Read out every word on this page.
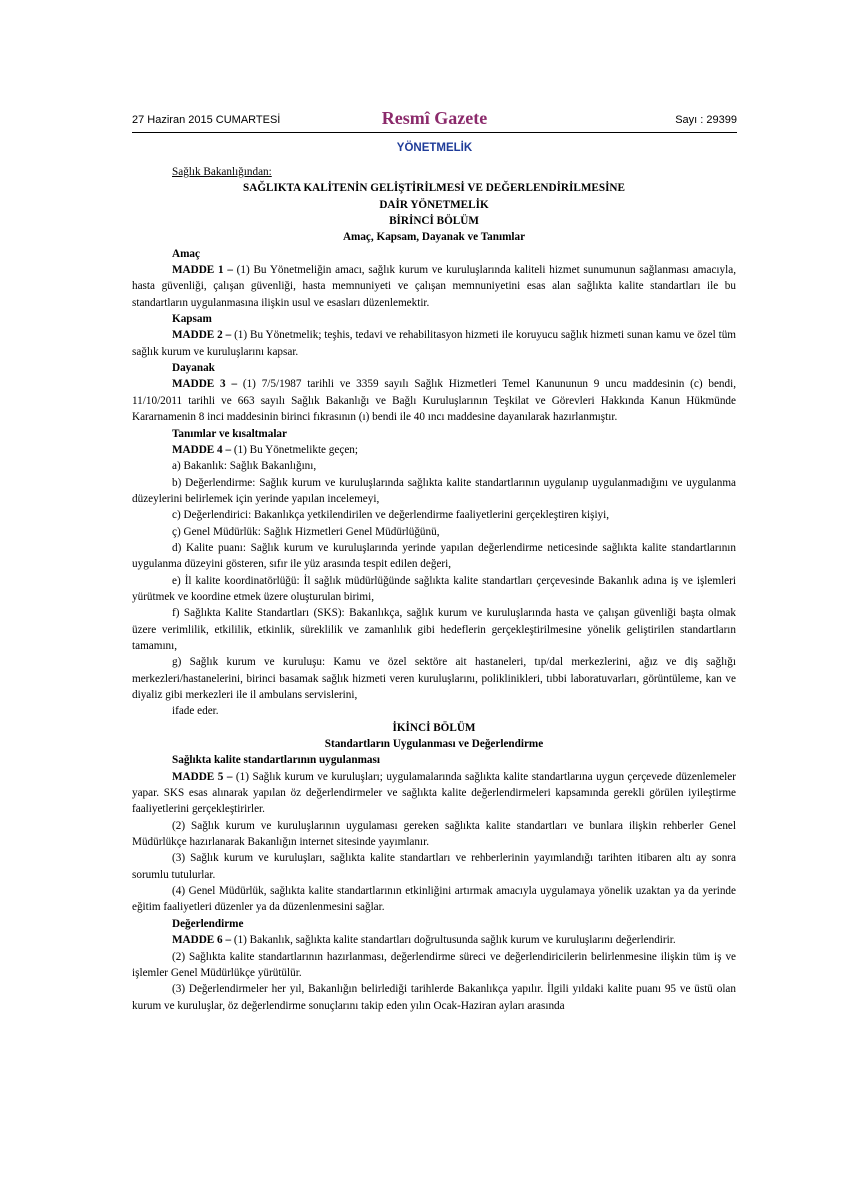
27 Haziran 2015 CUMARTESİ	Resmî Gazete	Sayı : 29399
YÖNETMELİK

Sağlık Bakanlığından:

SAĞLIKTA KALİTENİN GELİŞTİRİLMESİ VE DEĞERLENDİRİLMESİNE

DAİR YÖNETMELİK

BİRİNCİ BÖLÜM

Amaç, Kapsam, Dayanak ve Tanımlar

Amaç

MADDE 1 – (1) Bu Yönetmeliğin amacı, sağlık kurum ve kuruluşlarında kaliteli hizmet sunumunun sağlanması amacıyla, hasta güvenliği, çalışan güvenliği, hasta memnuniyeti ve çalışan memnuniyetini esas alan sağlıkta kalite standartları ile bu standartların uygulanmasına ilişkin usul ve esasları düzenlemektir.

Kapsam

MADDE 2 – (1) Bu Yönetmelik; teşhis, tedavi ve rehabilitasyon hizmeti ile koruyucu sağlık hizmeti sunan kamu ve özel tüm sağlık kurum ve kuruluşlarını kapsar.

Dayanak

MADDE 3 – (1) 7/5/1987 tarihli ve 3359 sayılı Sağlık Hizmetleri Temel Kanununun 9 uncu maddesinin (c) bendi, 11/10/2011 tarihli ve 663 sayılı Sağlık Bakanlığı ve Bağlı Kuruluşlarının Teşkilat ve Görevleri Hakkında Kanun Hükmünde Kararnamenin 8 inci maddesinin birinci fıkrasının (ı) bendi ile 40 ıncı maddesine dayanılarak hazırlanmıştır.

Tanımlar ve kısaltmalar

MADDE 4 – (1) Bu Yönetmelikte geçen;

a) Bakanlık: Sağlık Bakanlığını,

b) Değerlendirme: Sağlık kurum ve kuruluşlarında sağlıkta kalite standartlarının uygulanıp uygulanmadığını ve uygulanma düzeylerini belirlemek için yerinde yapılan incelemeyi,

c) Değerlendirici: Bakanlıkça yetkilendirilen ve değerlendirme faaliyetlerini gerçekleştiren kişiyi,

ç) Genel Müdürlük: Sağlık Hizmetleri Genel Müdürlüğünü,

d) Kalite puanı: Sağlık kurum ve kuruluşlarında yerinde yapılan değerlendirme neticesinde sağlıkta kalite standartlarının uygulanma düzeyini gösteren, sıfır ile yüz arasında tespit edilen değeri,

e) İl kalite koordinatörlüğü: İl sağlık müdürlüğünde sağlıkta kalite standartları çerçevesinde Bakanlık adına iş ve işlemleri yürütmek ve koordine etmek üzere oluşturulan birimi,

f) Sağlıkta Kalite Standartları (SKS): Bakanlıkça, sağlık kurum ve kuruluşlarında hasta ve çalışan güvenliği başta olmak üzere verimlilik, etkililik, etkinlik, süreklilik ve zamanlılık gibi hedeflerin gerçekleştirilmesine yönelik geliştirilen standartların tamamını,

g) Sağlık kurum ve kuruluşu: Kamu ve özel sektöre ait hastaneleri, tıp/dal merkezlerini, ağız ve diş sağlığı merkezleri/hastanelerini, birinci basamak sağlık hizmeti veren kuruluşlarını, poliklinikleri, tıbbi laboratuvarları, görüntüleme, kan ve diyaliz gibi merkezleri ile il ambulans servislerini,

ifade eder.

İKİNCİ BÖLÜM

Standartların Uygulanması ve Değerlendirme

Sağlıkta kalite standartlarının uygulanması

MADDE 5 – (1) Sağlık kurum ve kuruluşları; uygulamalarında sağlıkta kalite standartlarına uygun çerçevede düzenlemeler yapar. SKS esas alınarak yapılan öz değerlendirmeler ve sağlıkta kalite değerlendirmeleri kapsamında gerekli görülen iyileştirme faaliyetlerini gerçekleştirirler.

(2) Sağlık kurum ve kuruluşlarının uygulaması gereken sağlıkta kalite standartları ve bunlara ilişkin rehberler Genel Müdürlükçe hazırlanarak Bakanlığın internet sitesinde yayımlanır.

(3) Sağlık kurum ve kuruluşları, sağlıkta kalite standartları ve rehberlerinin yayımlandığı tarihten itibaren altı ay sonra sorumlu tutulurlar.

(4) Genel Müdürlük, sağlıkta kalite standartlarının etkinliğini artırmak amacıyla uygulamaya yönelik uzaktan ya da yerinde eğitim faaliyetleri düzenler ya da düzenlenmesini sağlar.

Değerlendirme

MADDE 6 – (1) Bakanlık, sağlıkta kalite standartları doğrultusunda sağlık kurum ve kuruluşlarını değerlendirir.

(2) Sağlıkta kalite standartlarının hazırlanması, değerlendirme süreci ve değerlendiricilerin belirlenmesine ilişkin tüm iş ve işlemler Genel Müdürlükçe yürütülür.

(3) Değerlendirmeler her yıl, Bakanlığın belirlediği tarihlerde Bakanlıkça yapılır. İlgili yıldaki kalite puanı 95 ve üstü olan kurum ve kuruluşlar, öz değerlendirme sonuçlarını takip eden yılın Ocak-Haziran ayları arasında
